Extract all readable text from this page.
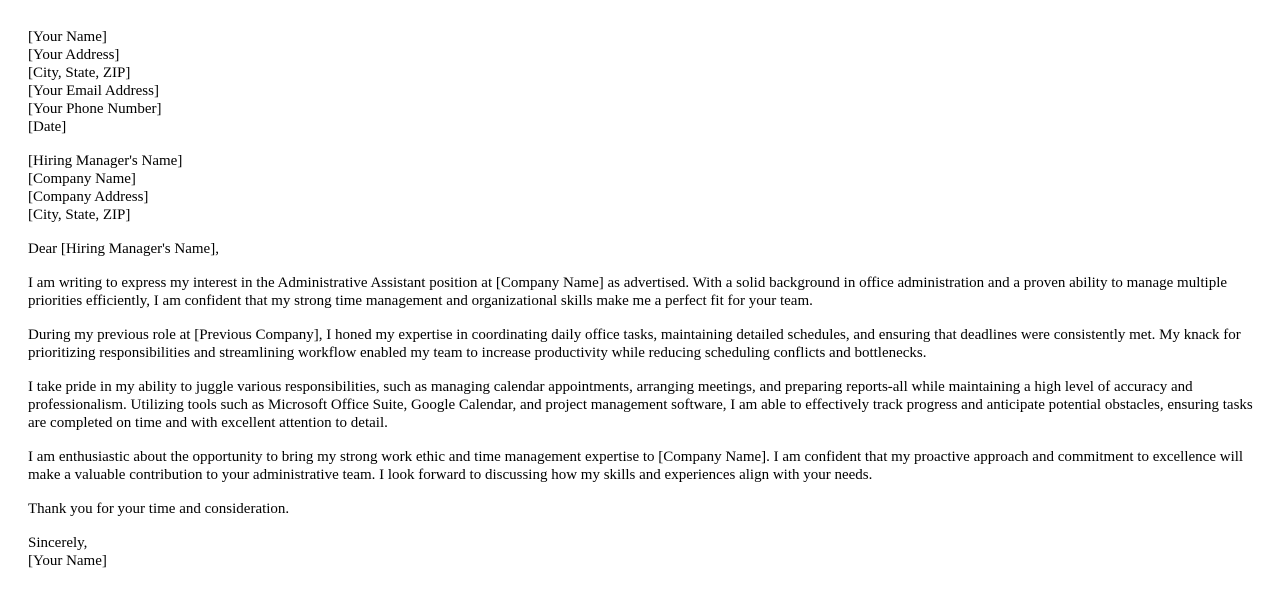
[Your Name]
[Your Address]
[City, State, ZIP]
[Your Email Address]
[Your Phone Number]
[Date]
[Hiring Manager's Name]
[Company Name]
[Company Address]
[City, State, ZIP]

Dear [Hiring Manager's Name],

I am writing to express my interest in the Administrative Assistant position at [Company Name] as advertised. With a solid background in office administration and a proven ability to manage multiple priorities efficiently, I am confident that my strong time management and organizational skills make me a perfect fit for your team.

During my previous role at [Previous Company], I honed my expertise in coordinating daily office tasks, maintaining detailed schedules, and ensuring that deadlines were consistently met. My knack for prioritizing responsibilities and streamlining workflow enabled my team to increase productivity while reducing scheduling conflicts and bottlenecks.

I take pride in my ability to juggle various responsibilities, such as managing calendar appointments, arranging meetings, and preparing reports-all while maintaining a high level of accuracy and professionalism. Utilizing tools such as Microsoft Office Suite, Google Calendar, and project management software, I am able to effectively track progress and anticipate potential obstacles, ensuring tasks are completed on time and with excellent attention to detail.

I am enthusiastic about the opportunity to bring my strong work ethic and time management expertise to [Company Name]. I am confident that my proactive approach and commitment to excellence will make a valuable contribution to your administrative team. I look forward to discussing how my skills and experiences align with your needs.

Thank you for your time and consideration.

Sincerely,
[Your Name]
